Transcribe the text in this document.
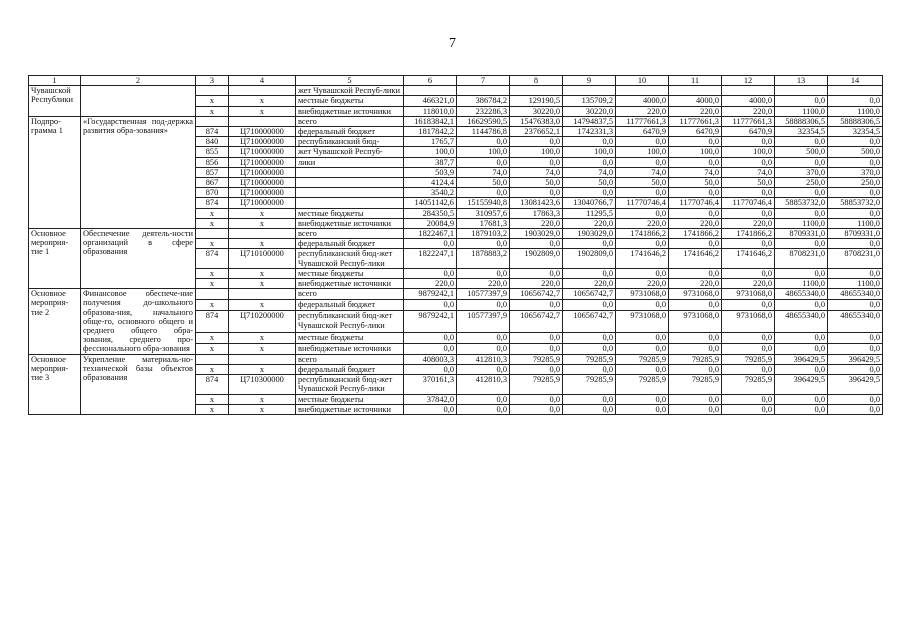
7
1	2	3	4	5	6	7	8	9	10	11	12	13	14
Чувашской Республики				жет Чувашской Респуб-лики									
		x	x	местные бюджеты	466321,0	386784,2	129190,5	135709,2	4000,0	4000,0	4000,0	0,0	0,0
		x	x	внебюджетные источники	118010,0	232286,3	30220,0	30220,0	220,0	220,0	220,0	1100,0	1100,0
Подпро-грамма 1	«Государственная под-держка развития обра-зования»			всего	16183842,1	16629590,5	15476383,0	14794837,5	11777661,3	11777661,3	11777661,3	58888306,5	58888306,5
		874	Ц710000000	федеральный бюджет	1817842,2	1144786,8	2376652,1	1742331,3	6470,9	6470,9	6470,9	32354,5	32354,5
		840	Ц710000000	республиканский бюд-	1765,7	0,0	0,0	0,0	0,0	0,0	0,0	0,0	0,0
		855	Ц710000000	жет Чувашской Респуб-	100,0	100,0	100,0	100,0	100,0	100,0	100,0	500,0	500,0
		856	Ц710000000	лики	387,7	0,0	0,0	0,0	0,0	0,0	0,0	0,0	0,0
		857	Ц710000000		503,9	74,0	74,0	74,0	74,0	74,0	74,0	370,0	370,0
		867	Ц710000000		4124,4	50,0	50,0	50,0	50,0	50,0	50,0	250,0	250,0
		870	Ц710000000		3540,2	0,0	0,0	0,0	0,0	0,0	0,0	0,0	0,0
		874	Ц710000000		14051142,6	15155940,8	13081423,6	13040766,7	11770746,4	11770746,4	11770746,4	58853732,0	58853732,0
		x	x	местные бюджеты	284350,5	310957,6	17863,3	11295,5	0,0	0,0	0,0	0,0	0,0
		x	x	внебюджетные источники	20084,9	17681,3	220,0	220,0	220,0	220,0	220,0	1100,0	1100,0
Основное мероприя-тие 1	Обеспечение деятель-ности организаций в сфере образования			всего	1822467,1	1879103,2	1903029,0	1903029,0	1741866,2	1741866,2	1741866,2	8709331,0	8709331,0
		x	x	федеральный бюджет	0,0	0,0	0,0	0,0	0,0	0,0	0,0	0,0	0,0
		874	Ц710100000	республиканский бюд-жет Чувашской Респуб-лики	1822247,1	1878883,2	1902809,0	1902809,0	1741646,2	1741646,2	1741646,2	8708231,0	8708231,0
		x	x	местные бюджеты	0,0	0,0	0,0	0,0	0,0	0,0	0,0	0,0	0,0
		x	x	внебюджетные источники	220,0	220,0	220,0	220,0	220,0	220,0	220,0	1100,0	1100,0
Основное мероприя-тие 2	Финансовое обеспече-ние получения до-школьного образова-ния, начального обще-го, основного общего и среднего общего обра-зования, среднего про-фессионального обра-зования			всего	9879242,1	10577397,9	10656742,7	10656742,7	9731068,0	9731068,0	9731068,0	48655340,0	48655340,0
		x	x	федеральный бюджет	0,0	0,0	0,0	0,0	0,0	0,0	0,0	0,0	0,0
		874	Ц710200000	республиканский бюд-жет Чувашской Респуб-лики	9879242,1	10577397,9	10656742,7	10656742,7	9731068,0	9731068,0	9731068,0	48655340,0	48655340,0
		x	x	местные бюджеты	0,0	0,0	0,0	0,0	0,0	0,0	0,0	0,0	0,0
		x	x	внебюджетные источники	0,0	0,0	0,0	0,0	0,0	0,0	0,0	0,0	0,0
Основное мероприя-тие 3	Укрепление материаль-но-технической базы объектов образования			всего	408003,3	412810,3	79285,9	79285,9	79285,9	79285,9	79285,9	396429,5	396429,5
		x	x	федеральный бюджет	0,0	0,0	0,0	0,0	0,0	0,0	0,0	0,0	0,0
		874	Ц710300000	республиканский бюд-жет Чувашской Респуб-лики	370161,3	412810,3	79285,9	79285,9	79285,9	79285,9	79285,9	396429,5	396429,5
		x	x	местные бюджеты	37842,0	0,0	0,0	0,0	0,0	0,0	0,0	0,0	0,0
		x	x	внебюджетные источники	0,0	0,0	0,0	0,0	0,0	0,0	0,0	0,0	0,0
